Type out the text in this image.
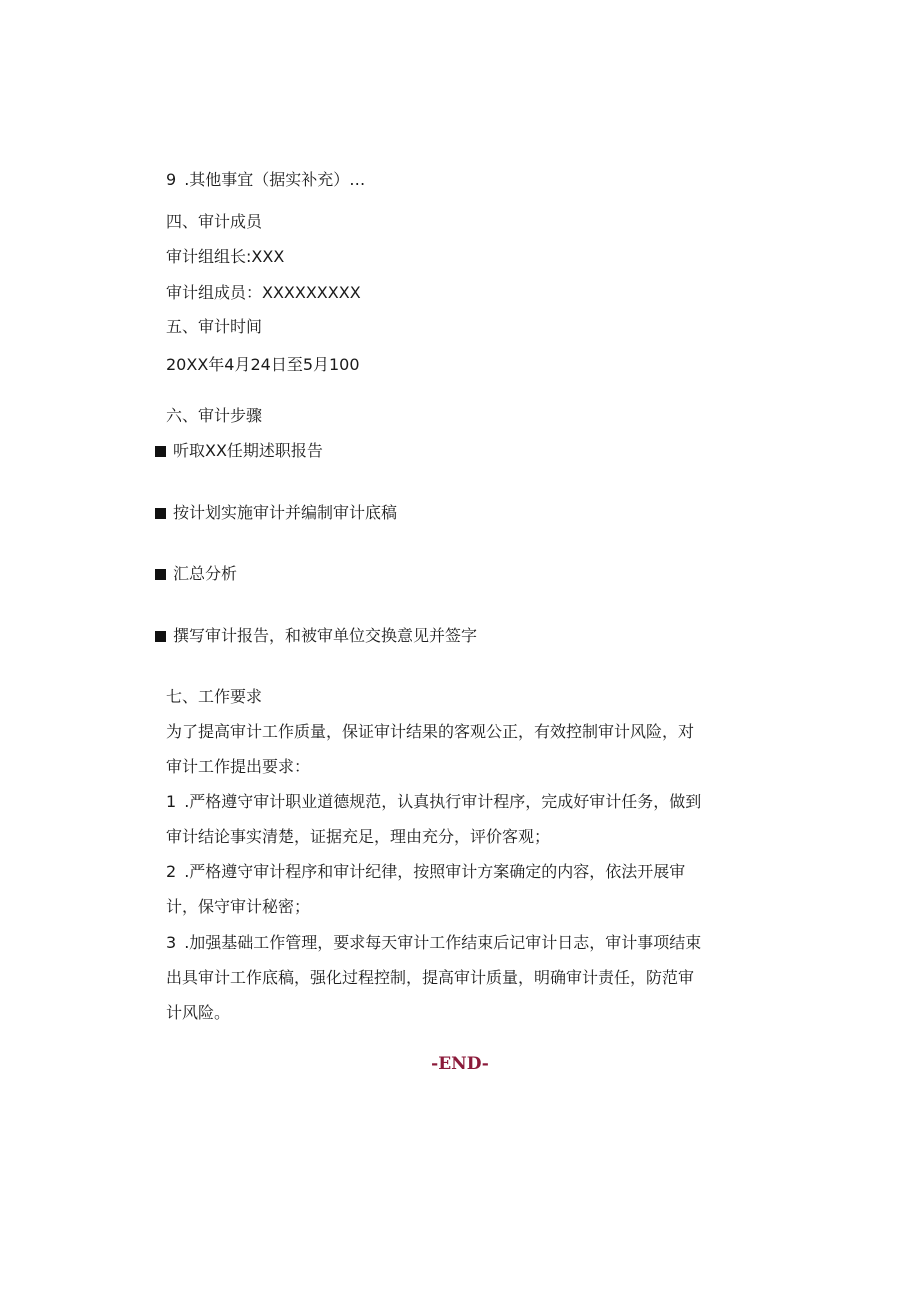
9 .其他事宜（据实补充）…
四、审计成员
审计组组长:XXX
审计组成员：XXXXXXXXX
五、审计时间
20XX年4月24日至5月100
六、审计步骤
听取XX任期述职报告
按计划实施审计并编制审计底稿
汇总分析
撰写审计报告，和被审单位交换意见并签字
七、工作要求
为了提高审计工作质量，保证审计结果的客观公正，有效控制审计风险，对
审计工作提出要求：
1 .严格遵守审计职业道德规范，认真执行审计程序，完成好审计任务，做到
审计结论事实清楚，证据充足，理由充分，评价客观；
2 .严格遵守审计程序和审计纪律，按照审计方案确定的内容，依法开展审
计，保守审计秘密；
3 .加强基础工作管理，要求每天审计工作结束后记审计日志，审计事项结束
出具审计工作底稿，强化过程控制，提高审计质量，明确审计责任，防范审
计风险。
-END-
